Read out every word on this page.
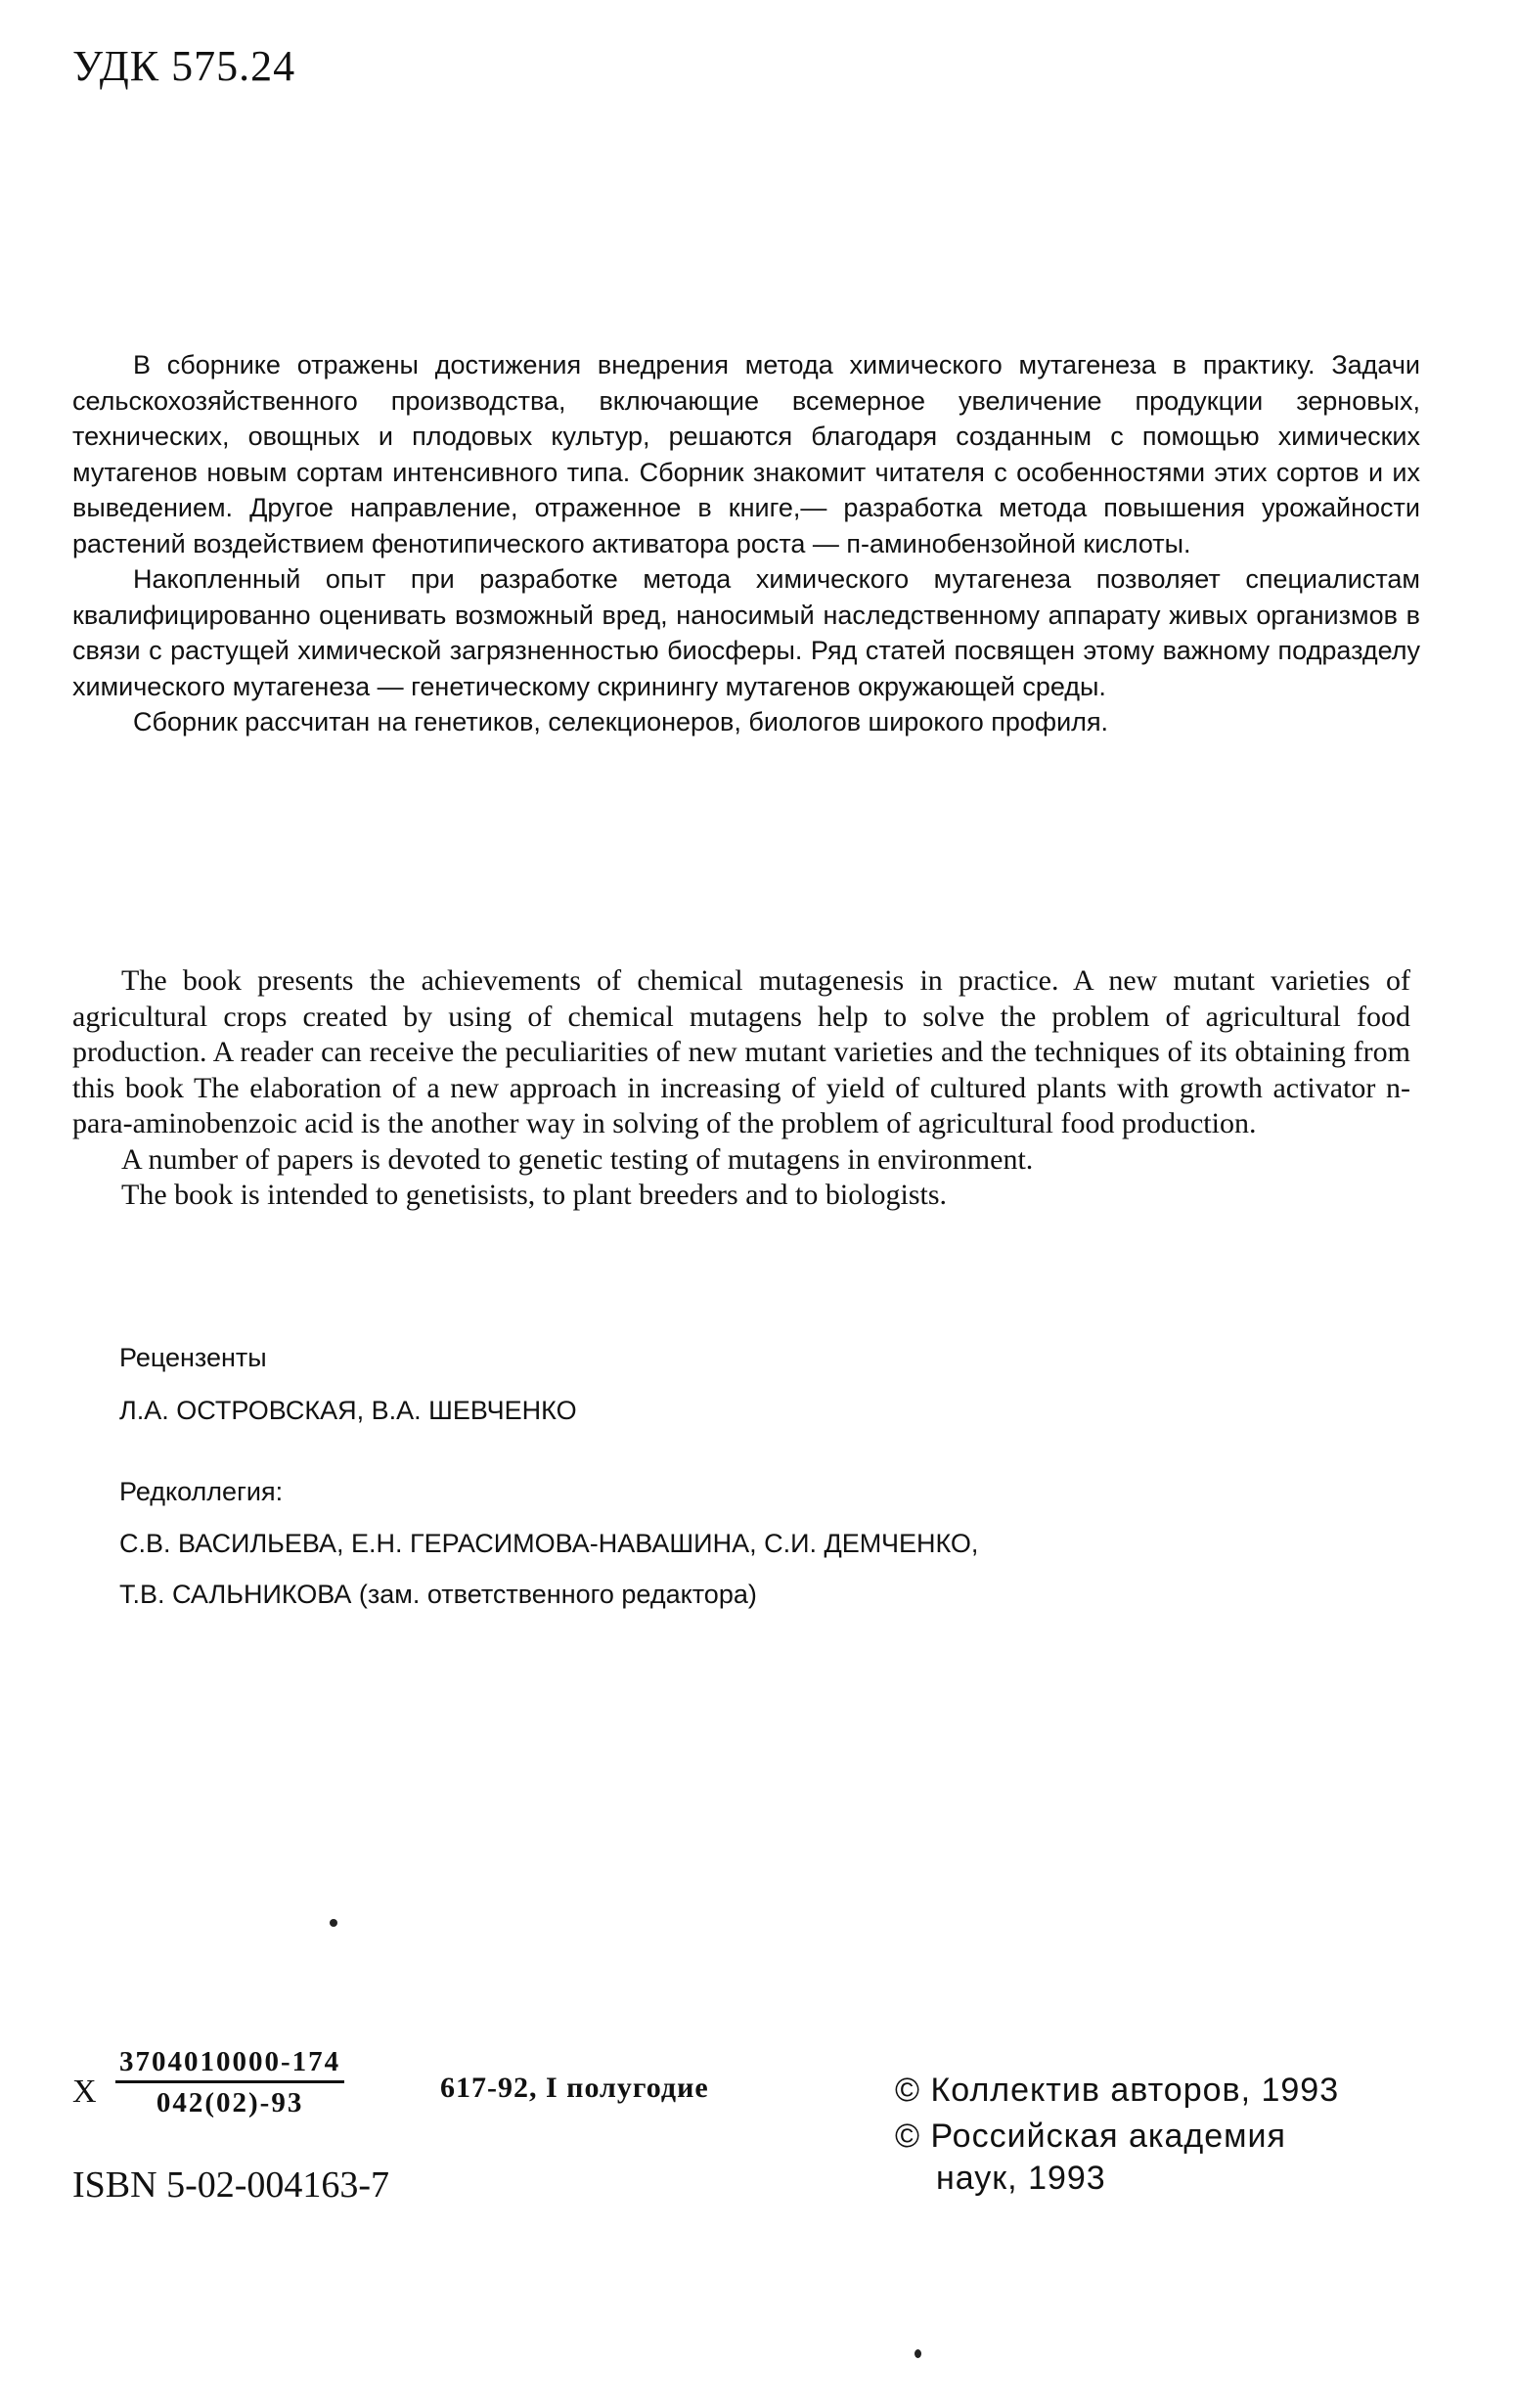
УДК 575.24

В сборнике отражены достижения внедрения метода химического мутагенеза в практику. Задачи сельскохозяйственного производства, включающие всемерное увеличение продукции зерновых, технических, овощных и плодовых культур, решаются благодаря созданным с помощью химических мутагенов новым сортам интенсивного типа. Сборник знакомит читателя с особенностями этих сортов и их выведением. Другое направление, отраженное в книге,— разработка метода повышения урожайности растений воздействием фенотипического активатора роста — п-аминобензойной кислоты.

Накопленный опыт при разработке метода химического мутагенеза позволяет специалистам квалифицированно оценивать возможный вред, наносимый наследственному аппарату живых организмов в связи с растущей химической загрязненностью биосферы. Ряд статей посвящен этому важному подразделу химического мутагенеза — генетическому скринингу мутагенов окружающей среды.

Сборник рассчитан на генетиков, селекционеров, биологов широкого профиля.

The book presents the achievements of chemical mutagenesis in practice. A new mutant varieties of agricultural crops created by using of chemical mutagens help to solve the problem of agricultural food production. A reader can receive the peculiarities of new mutant varieties and the techniques of its obtaining from this book The elaboration of a new approach in increasing of yield of cultured plants with growth activator n-para-aminobenzoic acid is the another way in solving of the problem of agricultural food production.

A number of papers is devoted to genetic testing of mutagens in environment.

The book is intended to genetisists, to plant breeders and to biologists.

Рецензенты
Л.А. ОСТРОВСКАЯ, В.А. ШЕВЧЕНКО
Редколлегия:
С.В. ВАСИЛЬЕВА, Е.Н. ГЕРАСИМОВА-НАВАШИНА, С.И. ДЕМЧЕНКО,
Т.В. САЛЬНИКОВА (зам. ответственного редактора)
X $\frac{3704010000-174}{042(02)-93}$	617-92, I полугодие
ISBN 5-02-004163-7
© Коллектив авторов, 1993
© Российская академия
наук, 1993
